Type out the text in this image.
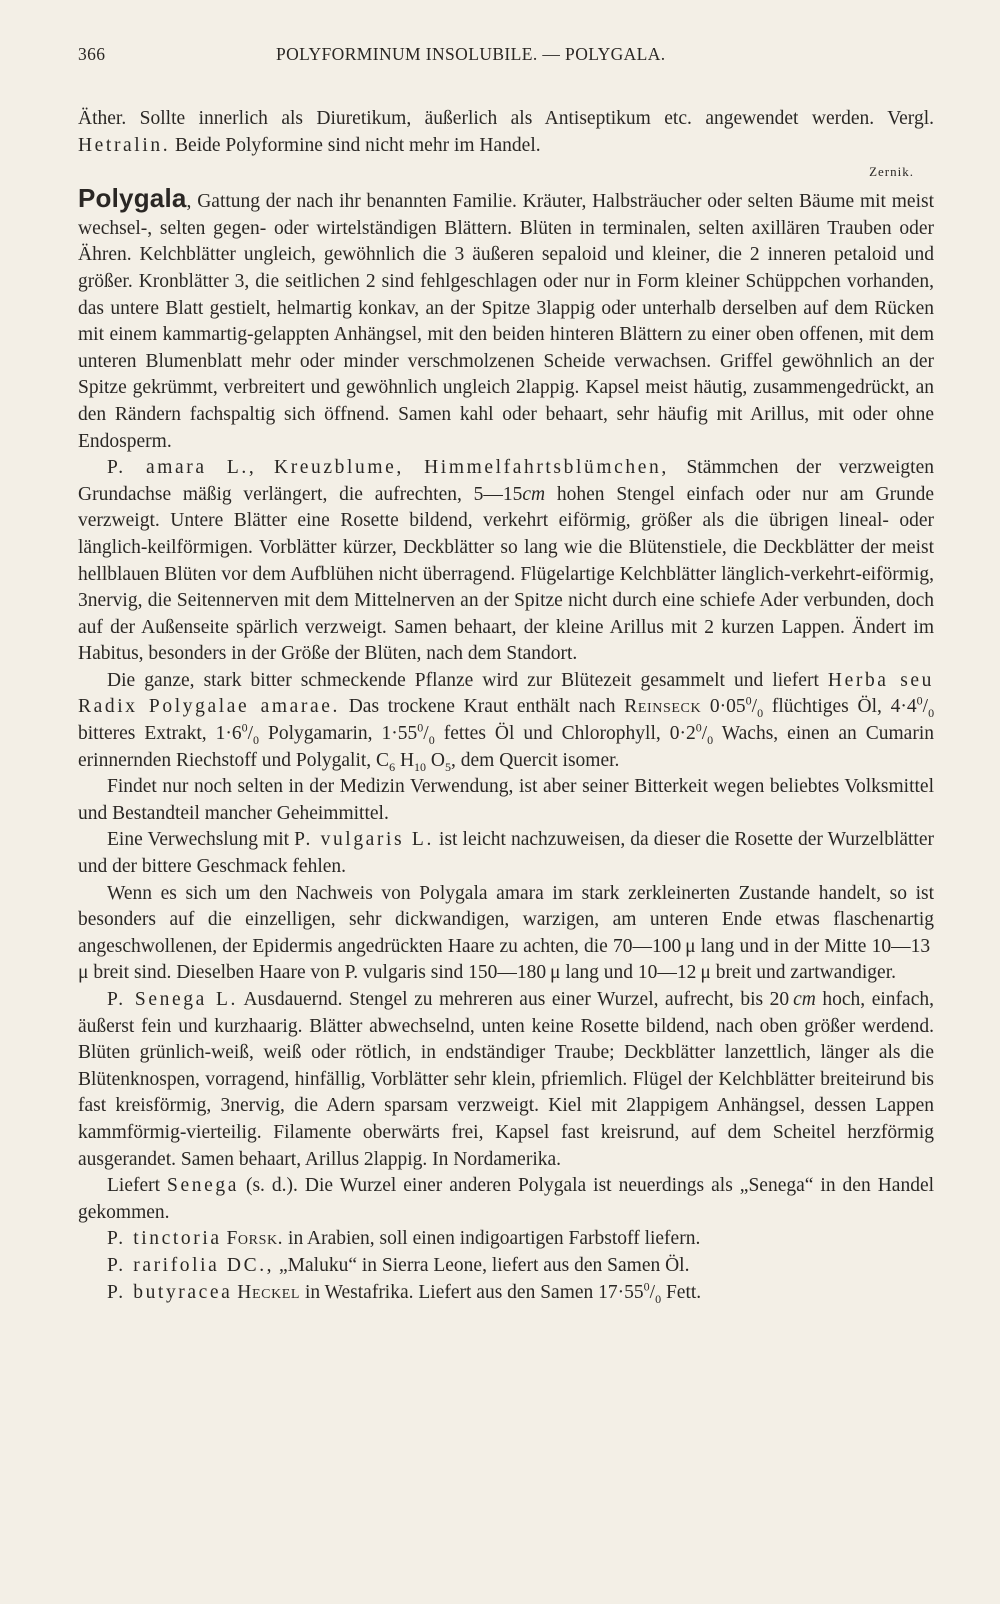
366	POLYFORMINUM INSOLUBILE. — POLYGALA.

Äther. Sollte innerlich als Diuretikum, äußerlich als Antiseptikum etc. angewendet werden. Vergl. Hetralin. Beide Polyformine sind nicht mehr im Handel.

Zernik.

Polygala, Gattung der nach ihr benannten Familie. Kräuter, Halbsträucher oder selten Bäume mit meist wechsel-, selten gegen- oder wirtelständigen Blättern. Blüten in terminalen, selten axillären Trauben oder Ähren. Kelchblätter ungleich, gewöhnlich die 3 äußeren sepaloid und kleiner, die 2 inneren petaloid und größer. Kronblätter 3, die seitlichen 2 sind fehlgeschlagen oder nur in Form kleiner Schüppchen vorhanden, das untere Blatt gestielt, helmartig konkav, an der Spitze 3lappig oder unterhalb derselben auf dem Rücken mit einem kammartig-gelappten Anhängsel, mit den beiden hinteren Blättern zu einer oben offenen, mit dem unteren Blumenblatt mehr oder minder verschmolzenen Scheide verwachsen. Griffel gewöhnlich an der Spitze gekrümmt, verbreitert und gewöhnlich ungleich 2lappig. Kapsel meist häutig, zusammengedrückt, an den Rändern fachspaltig sich öffnend. Samen kahl oder behaart, sehr häufig mit Arillus, mit oder ohne Endosperm.

P. amara L., Kreuzblume, Himmelfahrtsblümchen, Stämmchen der verzweigten Grundachse mäßig verlängert, die aufrechten, 5—15cm hohen Stengel einfach oder nur am Grunde verzweigt. Untere Blätter eine Rosette bildend, verkehrt eiförmig, größer als die übrigen lineal- oder länglich-keilförmigen. Vorblätter kürzer, Deckblätter so lang wie die Blütenstiele, die Deckblätter der meist hellblauen Blüten vor dem Aufblühen nicht überragend. Flügelartige Kelchblätter länglich-verkehrt-eiförmig, 3nervig, die Seitennerven mit dem Mittelnerven an der Spitze nicht durch eine schiefe Ader verbunden, doch auf der Außenseite spärlich verzweigt. Samen behaart, der kleine Arillus mit 2 kurzen Lappen. Ändert im Habitus, besonders in der Größe der Blüten, nach dem Standort.

Die ganze, stark bitter schmeckende Pflanze wird zur Blütezeit gesammelt und liefert Herba seu Radix Polygalae amarae. Das trockene Kraut enthält nach Reinseck $0\cdot 05^0/_0$ flüchtiges Öl, $4\cdot 4^0/_0$ bitteres Extrakt, $1\cdot 6^0/_0$ Polygamarin, $1\cdot 55^0/_0$ fettes Öl und Chlorophyll, $0\cdot 2^0/_0$ Wachs, einen an Cumarin erinnernden Riechstoff und Polygalit, $C_6$ $H_{10}$ $O_5$, dem Quercit isomer.

Findet nur noch selten in der Medizin Verwendung, ist aber seiner Bitterkeit wegen beliebtes Volksmittel und Bestandteil mancher Geheimmittel.

Eine Verwechslung mit P. vulgaris L. ist leicht nachzuweisen, da dieser die Rosette der Wurzelblätter und der bittere Geschmack fehlen.

Wenn es sich um den Nachweis von Polygala amara im stark zerkleinerten Zustande handelt, so ist besonders auf die einzelligen, sehr dickwandigen, warzigen, am unteren Ende etwas flaschenartig angeschwollenen, der Epidermis angedrückten Haare zu achten, die 70—100  μ lang und in der Mitte 10—13 μ breit sind. Dieselben Haare von P. vulgaris sind 150—180  μ lang und 10—12  μ breit und zartwandiger.

P. Senega L. Ausdauernd. Stengel zu mehreren aus einer Wurzel, aufrecht, bis 20  cm hoch, einfach, äußerst fein und kurzhaarig. Blätter abwechselnd, unten keine Rosette bildend, nach oben größer werdend. Blüten grünlich-weiß, weiß oder rötlich, in endständiger Traube; Deckblätter lanzettlich, länger als die Blütenknospen, vorragend, hinfällig, Vorblätter sehr klein, pfriemlich. Flügel der Kelchblätter breiteirund bis fast kreisförmig, 3nervig, die Adern sparsam verzweigt. Kiel mit 2lappigem Anhängsel, dessen Lappen kammförmig-vierteilig. Filamente oberwärts frei, Kapsel fast kreisrund, auf dem Scheitel herzförmig ausgerandet. Samen behaart, Arillus 2lappig. In Nordamerika.

Liefert Senega (s. d.). Die Wurzel einer anderen Polygala ist neuerdings als „Senega“ in den Handel gekommen.

P. tinctoria Forsk. in Arabien, soll einen indigoartigen Farbstoff liefern.

P. rarifolia DC., „Maluku“ in Sierra Leone, liefert aus den Samen Öl.

P. butyracea Heckel in Westafrika. Liefert aus den Samen $17\cdot 55^0/_0$ Fett.
